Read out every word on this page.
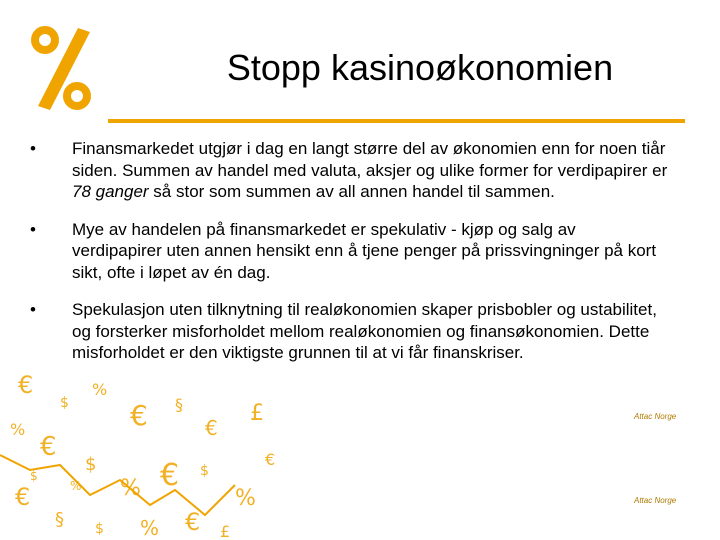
Stopp kasinoøkonomien
€
$
%
€ §
€
£
%
€
$
% € $
%
€
€
§ $ % € £
%
$
• Finansmarkedet utgjør i dag en langt større del av økonomien enn for noen tiår siden. Summen av handel med valuta, aksjer og ulike former for verdipapirer er 78 ganger så stor som summen av all annen handel til sammen.
• Mye av handelen på finansmarkedet er spekulativ - kjøp og salg av verdipapirer uten annen hensikt enn å tjene penger på prissvingninger på kort sikt, ofte i løpet av én dag.
• Spekulasjon uten tilknytning til realøkonomien skaper prisbobler og ustabilitet, og forsterker misforholdet mellom realøkonomien og finansøkonomien. Dette misforholdet er den viktigste grunnen til at vi får finanskriser.
Attac Norge
Attac Norge
